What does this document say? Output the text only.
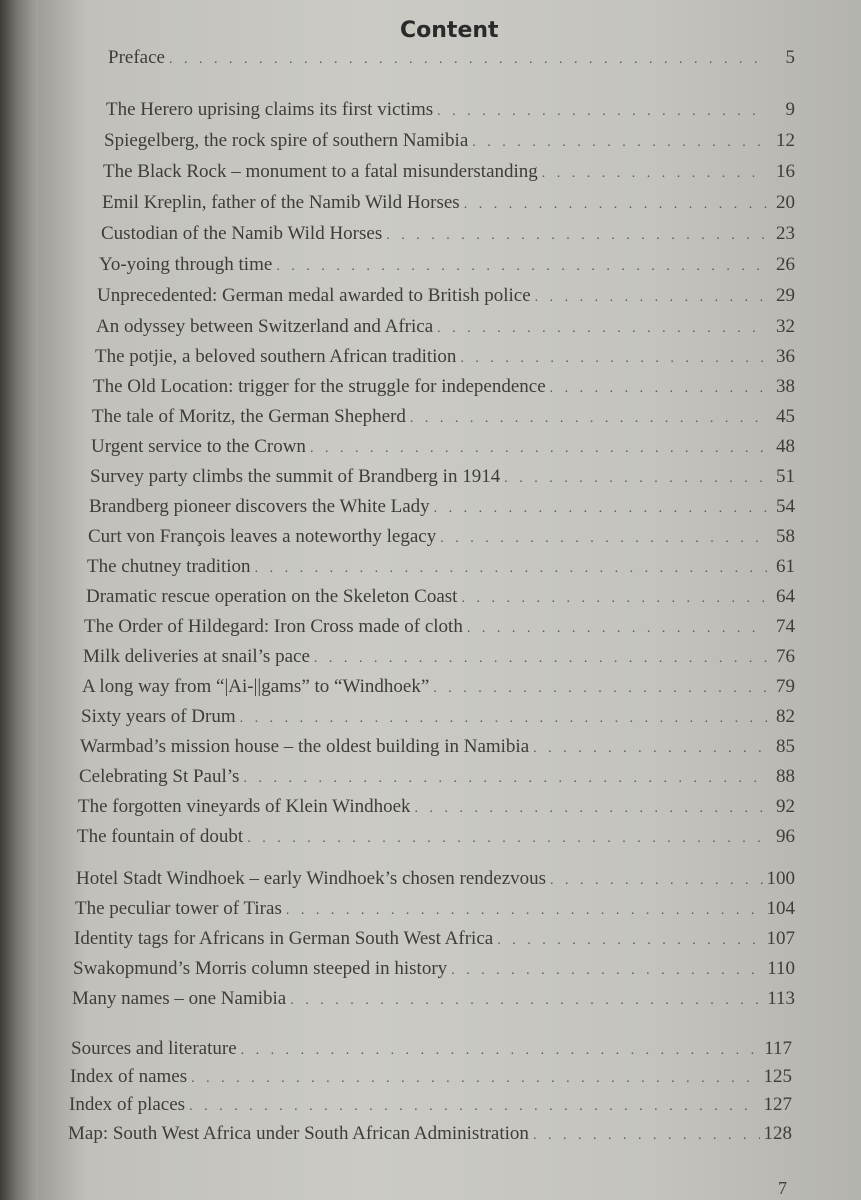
Content
Preface . . .	5
The Herero uprising claims its first victims . . .	9
Spiegelberg, the rock spire of southern Namibia . . .	12
The Black Rock – monument to a fatal misunderstanding . . .	16
Emil Kreplin, father of the Namib Wild Horses . . .	20
Custodian of the Namib Wild Horses . . .	23
Yo-yoing through time . . .	26
Unprecedented: German medal awarded to British police . . .	29
An odyssey between Switzerland and Africa . . .	32
The potjie, a beloved southern African tradition . . .	36
The Old Location: trigger for the struggle for independence . . .	38
The tale of Moritz, the German Shepherd . . .	45
Urgent service to the Crown . . .	48
Survey party climbs the summit of Brandberg in 1914 . . .	51
Brandberg pioneer discovers the White Lady . . .	54
Curt von François leaves a noteworthy legacy . . .	58
The chutney tradition . . .	61
Dramatic rescue operation on the Skeleton Coast . . .	64
The Order of Hildegard: Iron Cross made of cloth . . .	74
Milk deliveries at snail’s pace . . .	76
A long way from “|Ai-||gams” to “Windhoek” . . .	79
Sixty years of Drum . . .	82
Warmbad’s mission house – the oldest building in Namibia . . .	85
Celebrating St Paul’s . . .	88
The forgotten vineyards of Klein Windhoek . . .	92
The fountain of doubt . . .	96
Hotel Stadt Windhoek – early Windhoek’s chosen rendezvous . . .	100
The peculiar tower of Tiras . . .	104
Identity tags for Africans in German South West Africa . . .	107
Swakopmund’s Morris column steeped in history . . .	110
Many names – one Namibia . . .	113
Sources and literature . . .	117
Index of names . . .	125
Index of places . . .	127
Map: South West Africa under South African Administration . . .	128
7
